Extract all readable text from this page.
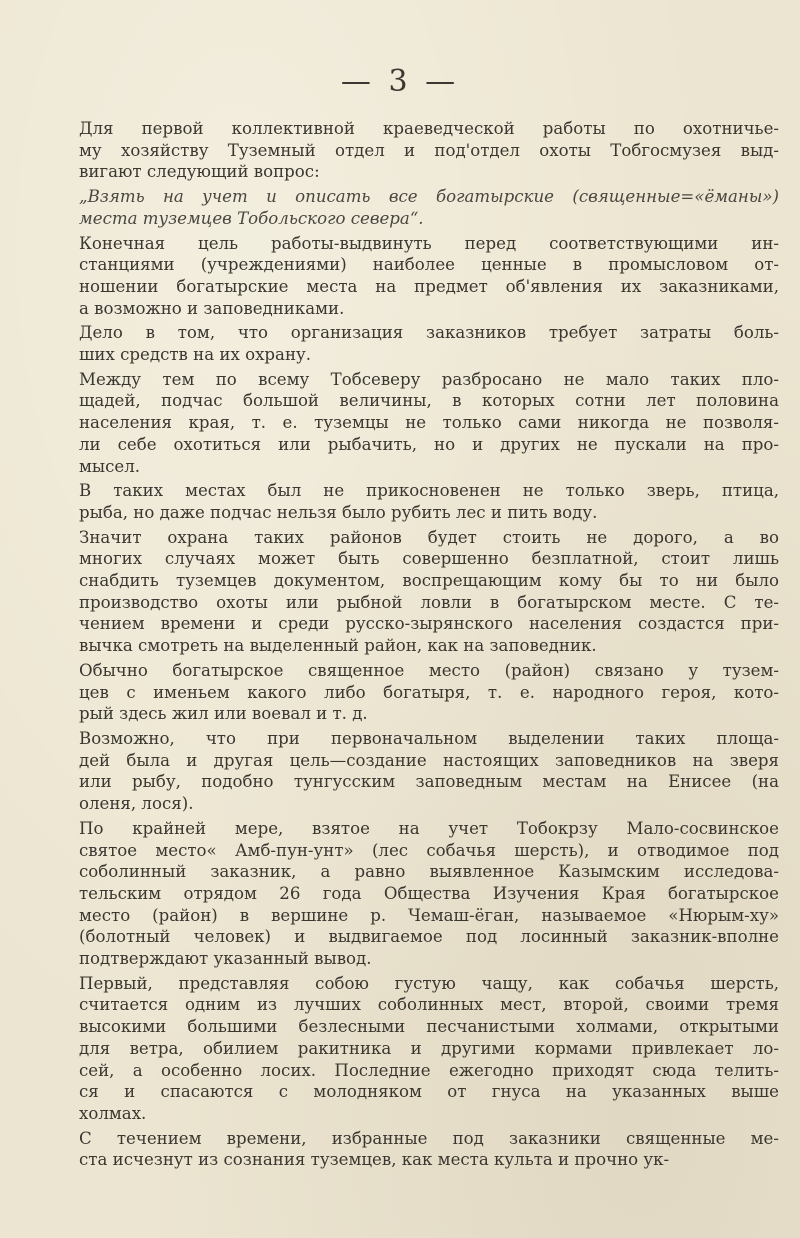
— 3 —
Для первой коллективной краеведческой работы по охотничье-
му хозяйству Туземный отдел и под'отдел охоты Тобгосмузея выд-
вигают следующий вопрос:
„Взять на учет и описать все богатырские (священные=«ёманы»)
места туземцев Тобольского севера“.
Конечная цель работы-выдвинуть перед соответствующими ин-
станциями (учреждениями) наиболее ценные в промысловом от-
ношении богатырские места на предмет об'явления их заказниками,
а возможно и заповедниками.
Дело в том, что организация заказников требует затраты боль-
ших средств на их охрану.
Между тем по всему Тобсеверу разбросано не мало таких пло-
щадей, подчас большой величины, в которых сотни лет половина
населения края, т. е. туземцы не только сами никогда не позволя-
ли себе охотиться или рыбачить, но и других не пускали на про-
мысел.
В таких местах был не прикосновенен не только зверь, птица,
рыба, но даже подчас нельзя было рубить лес и пить воду.
Значит охрана таких районов будет стоить не дорого, а во
многих случаях может быть совершенно безплатной, стоит лишь
снабдить туземцев документом, воспрещающим кому бы то ни было
производство охоты или рыбной ловли в богатырском месте. С те-
чением времени и среди русско-зырянского населения создастся при-
вычка смотреть на выделенный район, как на заповедник.
Обычно богатырское священное место (район) связано у тузем-
цев с именьем какого либо богатыря, т. е. народного героя, кото-
рый здесь жил или воевал и т. д.
Возможно, что при первоначальном выделении таких площа-
дей была и другая цель—создание настоящих заповедников на зверя
или рыбу, подобно тунгусским заповедным местам на Енисее (на
оленя, лося).
По крайней мере, взятое на учет Тобокрзу Мало-сосвинское
святое место« Амб-пун-унт» (лес собачья шерсть), и отводимое под
соболинный заказник, а равно выявленное Казымским исследова-
тельским отрядом 26 года Общества Изучения Края богатырское
место (район) в вершине р. Чемаш-ёган, называемое «Нюрым-ху»
(болотный человек) и выдвигаемое под лосинный заказник-вполне
подтверждают указанный вывод.
Первый, представляя собою густую чащу, как собачья шерсть,
считается одним из лучших соболинных мест, второй, своими тремя
высокими большими безлесными песчанистыми холмами, открытыми
для ветра, обилием ракитника и другими кормами привлекает ло-
сей, а особенно лосих. Последние ежегодно приходят сюда телить-
ся и спасаются с молодняком от гнуса на указанных выше
холмах.
С течением времени, избранные под заказники священные ме-
ста исчезнут из сознания туземцев, как места культа и прочно ук-
